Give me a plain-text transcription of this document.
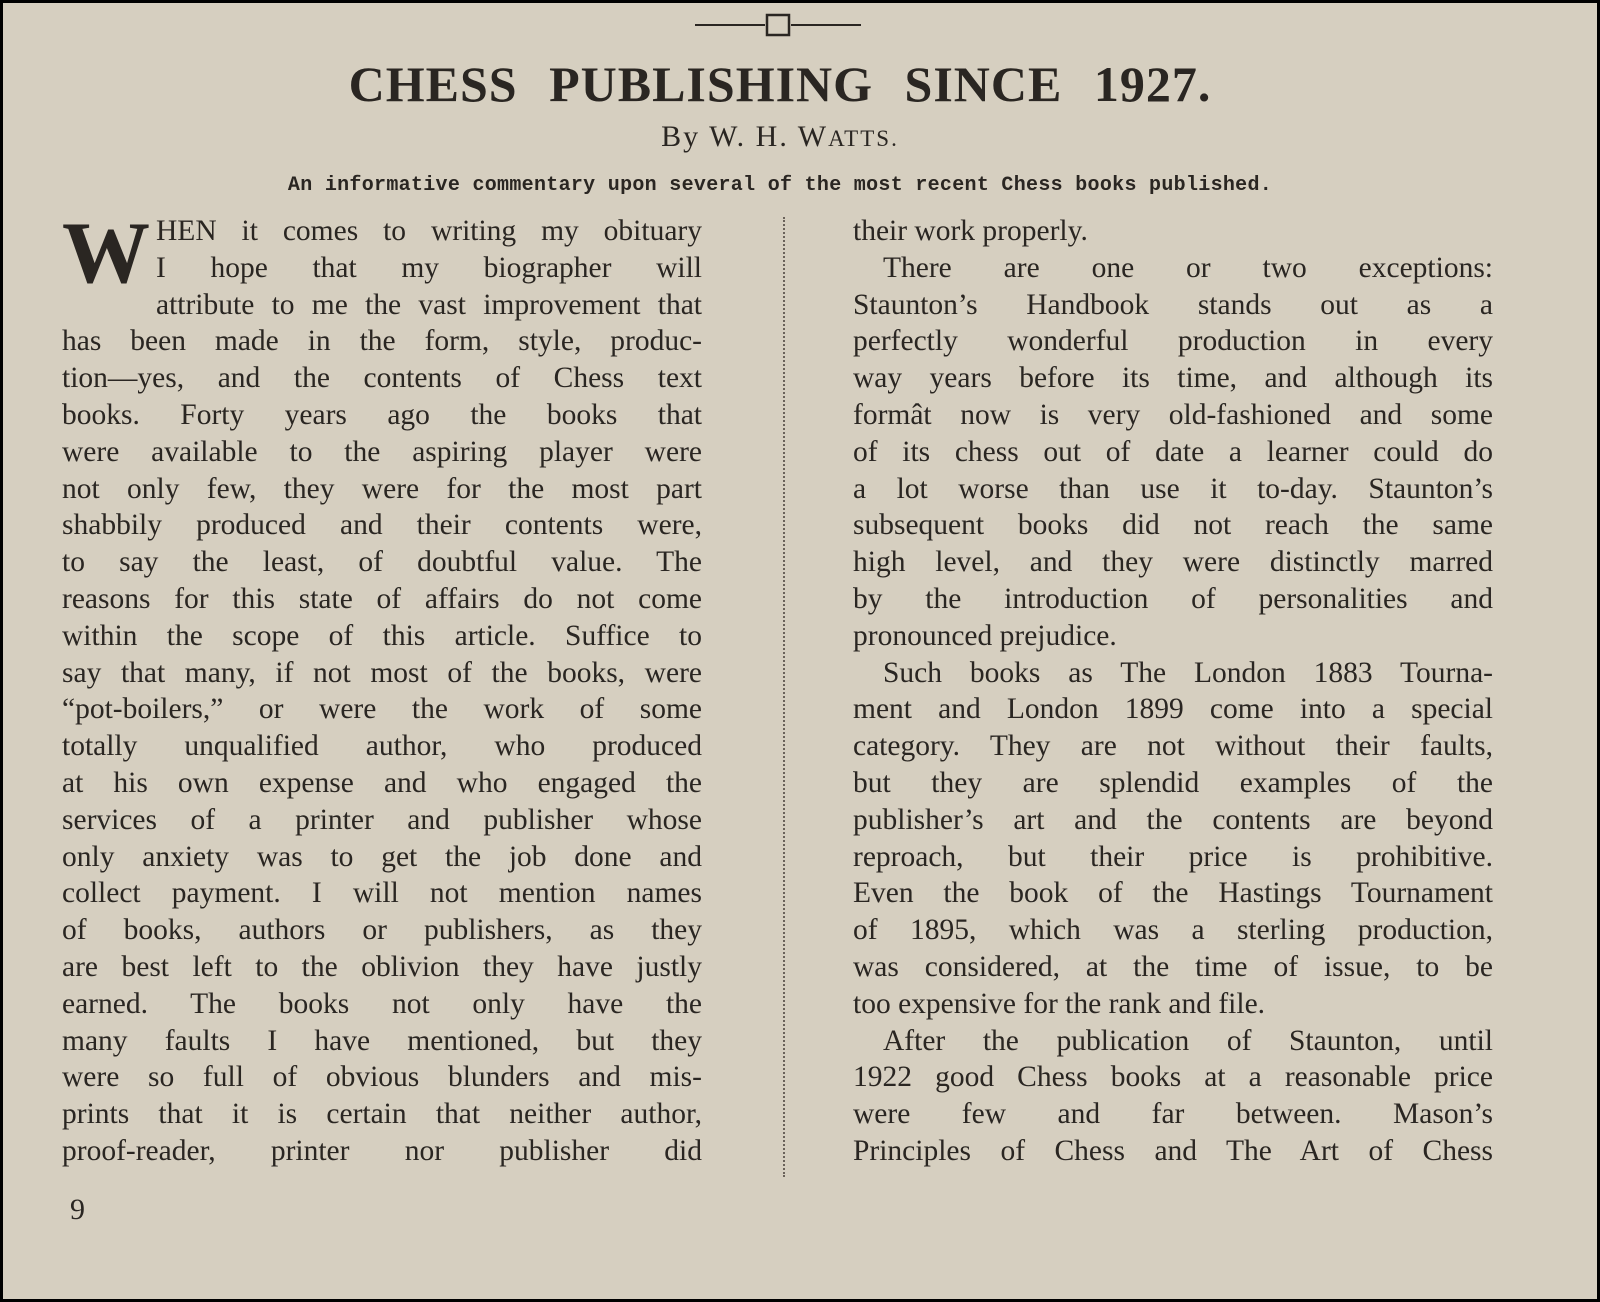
CHESS PUBLISHING SINCE 1927.

By W. H. WATTS.

An informative commentary upon several of the most recent Chess books published.

W HEN it comes to writing my obituary

I hope that my biographer will

attribute to me the vast improvement that

has been made in the form, style, produc-

tion—yes, and the contents of Chess text

books. Forty years ago the books that

were available to the aspiring player were

not only few, they were for the most part

shabbily produced and their contents were,

to say the least, of doubtful value. The

reasons for this state of affairs do not come

within the scope of this article. Suffice to

say that many, if not most of the books, were

“pot-boilers,” or were the work of some

totally unqualified author, who produced

at his own expense and who engaged the

services of a printer and publisher whose

only anxiety was to get the job done and

collect payment. I will not mention names

of books, authors or publishers, as they

are best left to the oblivion they have justly

earned. The books not only have the

many faults I have mentioned, but they

were so full of obvious blunders and mis-

prints that it is certain that neither author,

proof-reader, printer nor publisher did

their work properly.

There are one or two exceptions:

Staunton’s Handbook stands out as a

perfectly wonderful production in every

way years before its time, and although its

formât now is very old-fashioned and some

of its chess out of date a learner could do

a lot worse than use it to-day. Staunton’s

subsequent books did not reach the same

high level, and they were distinctly marred

by the introduction of personalities and

pronounced prejudice.

Such books as The London 1883 Tourna-

ment and London 1899 come into a special

category. They are not without their faults,

but they are splendid examples of the

publisher’s art and the contents are beyond

reproach, but their price is prohibitive.

Even the book of the Hastings Tournament

of 1895, which was a sterling production,

was considered, at the time of issue, to be

too expensive for the rank and file.

After the publication of Staunton, until

1922 good Chess books at a reasonable price

were few and far between. Mason’s

Principles of Chess and The Art of Chess

9
